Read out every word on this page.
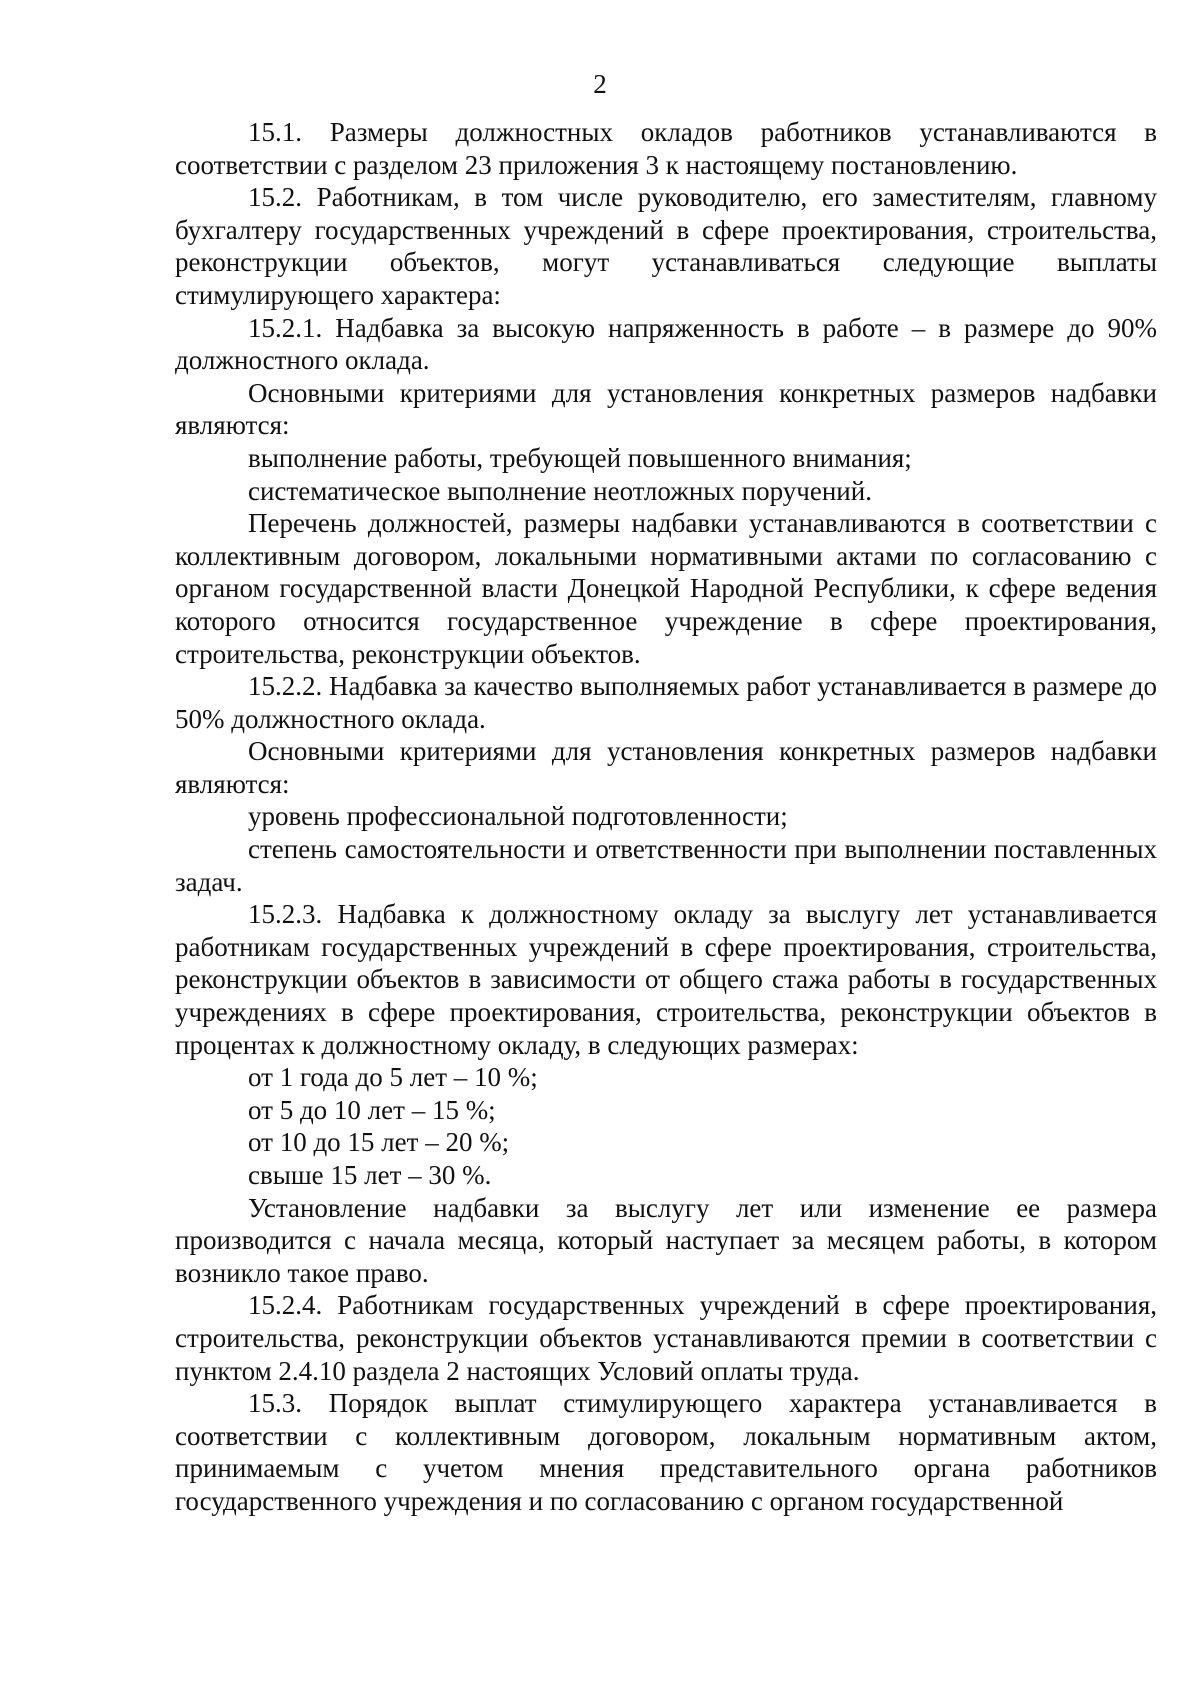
2

15.1. Размеры должностных окладов работников устанавливаются в соответствии с разделом 23 приложения 3 к настоящему постановлению.

15.2. Работникам, в том числе руководителю, его заместителям, главному бухгалтеру государственных учреждений в сфере проектирования, строительства, реконструкции объектов, могут устанавливаться следующие выплаты стимулирующего характера:

15.2.1. Надбавка за высокую напряженность в работе – в размере до 90% должностного оклада.

Основными критериями для установления конкретных размеров надбавки являются:

выполнение работы, требующей повышенного внимания;

систематическое выполнение неотложных поручений.

Перечень должностей, размеры надбавки устанавливаются в соответствии с коллективным договором, локальными нормативными актами по согласованию с органом государственной власти Донецкой Народной Республики, к сфере ведения которого относится государственное учреждение в сфере проектирования, строительства, реконструкции объектов.

15.2.2. Надбавка за качество выполняемых работ устанавливается в размере до 50% должностного оклада.

Основными критериями для установления конкретных размеров надбавки являются:

уровень профессиональной подготовленности;

степень самостоятельности и ответственности при выполнении поставленных задач.

15.2.3. Надбавка к должностному окладу за выслугу лет устанавливается работникам государственных учреждений в сфере проектирования, строительства, реконструкции объектов в зависимости от общего стажа работы в государственных учреждениях в сфере проектирования, строительства, реконструкции объектов в процентах к должностному окладу, в следующих размерах:

от 1 года до 5 лет – 10 %;

от 5 до 10 лет – 15 %;

от 10 до 15 лет – 20 %;

свыше 15 лет – 30 %.

Установление надбавки за выслугу лет или изменение ее размера производится с начала месяца, который наступает за месяцем работы, в котором возникло такое право.

15.2.4. Работникам государственных учреждений в сфере проектирования, строительства, реконструкции объектов устанавливаются премии в соответствии с пунктом 2.4.10 раздела 2 настоящих Условий оплаты труда.

15.3. Порядок выплат стимулирующего характера устанавливается в соответствии с коллективным договором, локальным нормативным актом, принимаемым с учетом мнения представительного органа работников государственного учреждения и по согласованию с органом государственной
